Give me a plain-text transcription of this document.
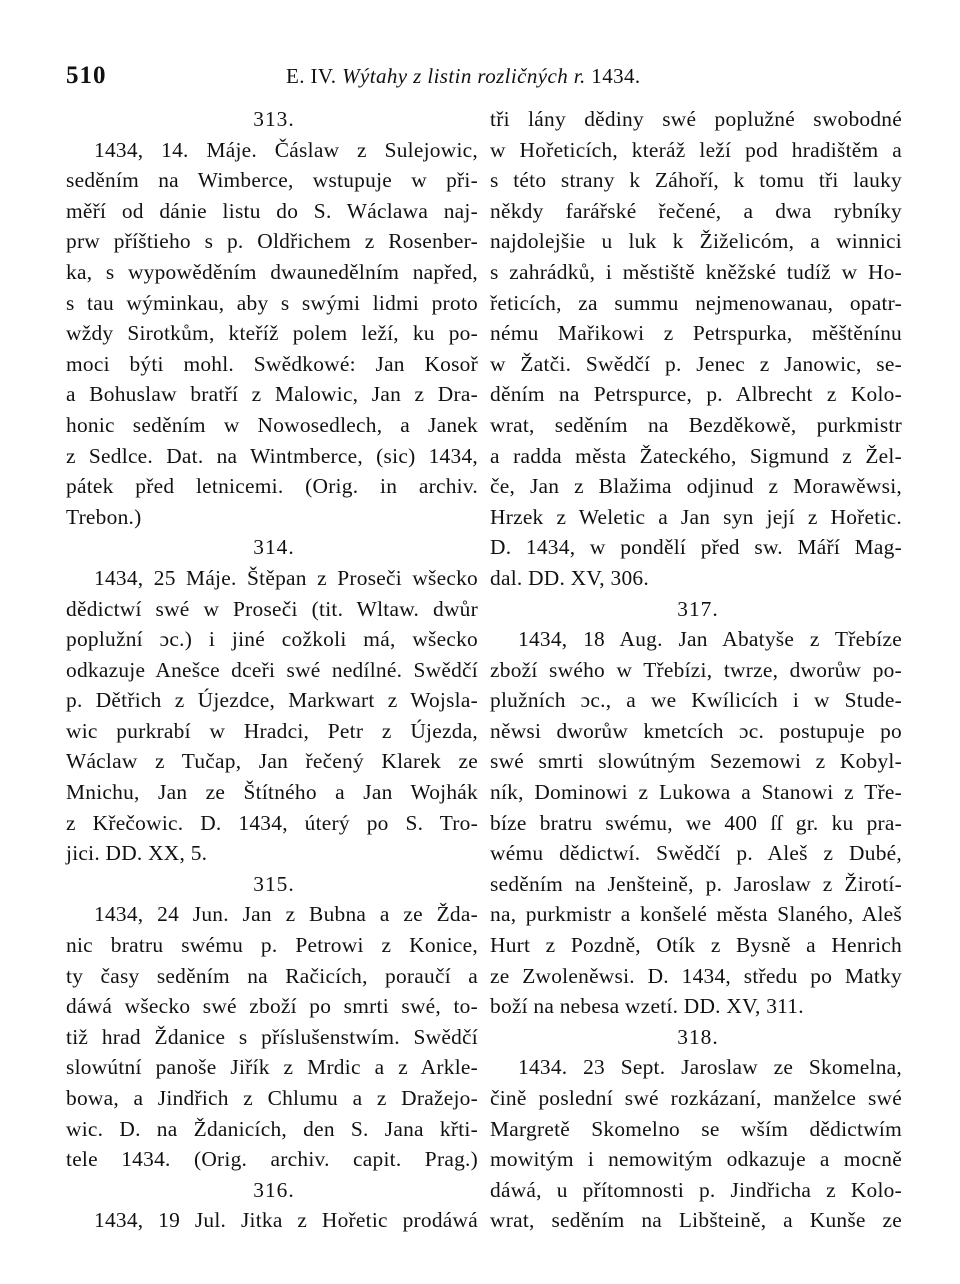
510	E. IV. Wýtahy z listin rozličných r. 1434.
313.
1434, 14. Máje. Čáslaw z Sulejowic,
seděním na Wimberce, wstupuje w při-
měří od dánie listu do S. Wáclawa naj-
prw příštieho s p. Oldřichem z Rosenber-
ka, s wypowěděním dwaunedělním napřed,
s tau wýminkau, aby s swými lidmi proto
wždy Sirotkům, kteříž polem leží, ku po-
moci býti mohl. Swědkowé: Jan Kosoř
a Bohuslaw bratří z Malowic, Jan z Dra-
honic seděním w Nowosedlech, a Janek
z Sedlce. Dat. na Wintmberce, (sic) 1434,
pátek před letnicemi. (Orig. in archiv.
Trebon.)
314.
1434, 25 Máje. Štěpan z Proseči wšecko
dědictwí swé w Proseči (tit. Wltaw. dwůr
poplužní ɔc.) i jiné cožkoli má, wšecko
odkazuje Anešce dceři swé nedílné. Swědčí
p. Dětřich z Újezdce, Markwart z Wojsla-
wic purkrabí w Hradci, Petr z Újezda,
Wáclaw z Tučap, Jan řečený Klarek ze
Mnichu, Jan ze Štítného a Jan Wojhák
z Křečowic. D. 1434, úterý po S. Tro-
jici. DD. XX, 5.
315.
1434, 24 Jun. Jan z Bubna a ze Žda-
nic bratru swému p. Petrowi z Konice,
ty časy seděním na Račicích, poraučí a
dáwá wšecko swé zboží po smrti swé, to-
tiž hrad Ždanice s příslušenstwím. Swědčí
slowútní panoše Jiřík z Mrdic a z Arkle-
bowa, a Jindřich z Chlumu a z Dražejo-
wic. D. na Ždanicích, den S. Jana křti-
tele 1434. (Orig. archiv. capit. Prag.)
316.
1434, 19 Jul. Jitka z Hořetic prodáwá
tři lány dědiny swé poplužné swobodné
w Hořeticích, kteráž leží pod hradištěm a
s této strany k Záhoří, k tomu tři lauky
někdy farářské řečené, a dwa rybníky
najdolejšie u luk k Žiželicóm, a winnici
s zahrádků, i městiště kněžské tudíž w Ho-
řeticích, za summu nejmenowanau, opatr-
nému Mařikowi z Petrspurka, měštěnínu
w Žatči. Swědčí p. Jenec z Janowic, se-
děním na Petrspurce, p. Albrecht z Kolo-
wrat, seděním na Bezděkowě, purkmistr
a radda města Žateckého, Sigmund z Žel-
če, Jan z Blažima odjinud z Morawěwsi,
Hrzek z Weletic a Jan syn její z Hořetic.
D. 1434, w pondělí před sw. Máří Mag-
dal. DD. XV, 306.
317.
1434, 18 Aug. Jan Abatyše z Třebíze
zboží swého w Třebízi, twrze, dworůw po-
plužních ɔc., a we Kwílicích i w Stude-
něwsi dworůw kmetcích ɔc. postupuje po
swé smrti slowútným Sezemowi z Kobyl-
ník, Dominowi z Lukowa a Stanowi z Tře-
bíze bratru swému, we 400 ſſ gr. ku pra-
wému dědictwí. Swědčí p. Aleš z Dubé,
seděním na Jenšteině, p. Jaroslaw z Žirotí-
na, purkmistr a konšelé města Slaného, Aleš
Hurt z Pozdně, Otík z Bysně a Henrich
ze Zwoleněwsi. D. 1434, středu po Matky
boží na nebesa wzetí. DD. XV, 311.
318.
1434. 23 Sept. Jaroslaw ze Skomelna,
čině poslední swé rozkázaní, manželce swé
Margretě Skomelno se wším dědictwím
mowitým i nemowitým odkazuje a mocně
dáwá, u přítomnosti p. Jindřicha z Kolo-
wrat, seděním na Libšteině, a Kunše ze
